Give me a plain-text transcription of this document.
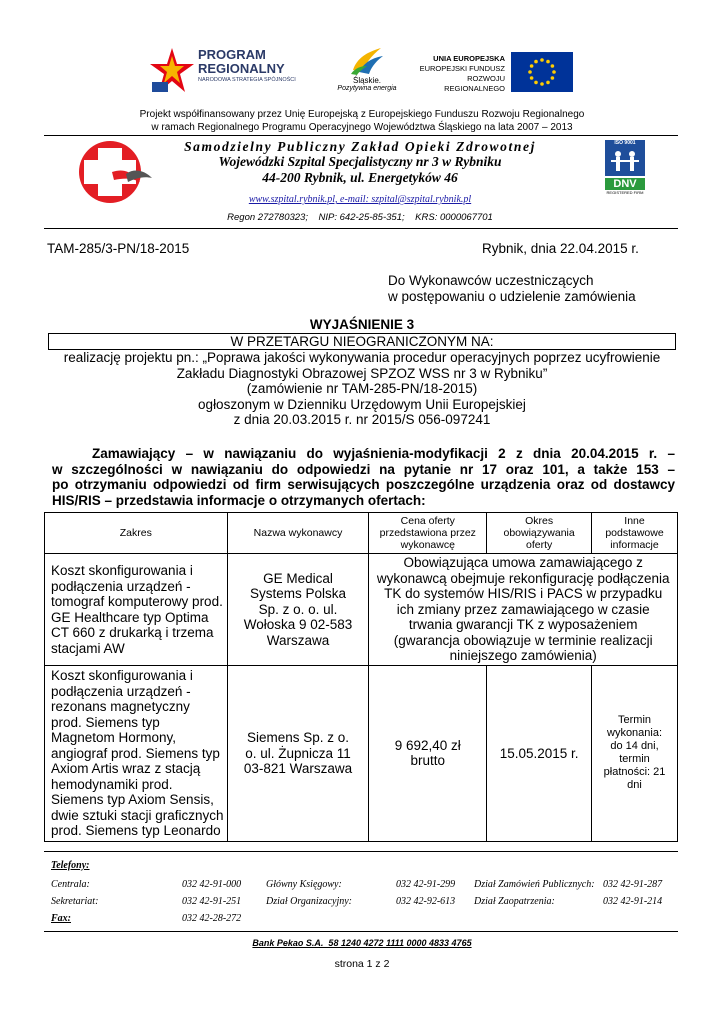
PROGRAM
REGIONALNY
NARODOWA STRATEGIA SPÓJNOŚCI	Śląskie.
Pozytywna energia
UNIA EUROPEJSKA
EUROPEJSKI FUNDUSZ
ROZWOJU REGIONALNEGO
Projekt współfinansowany przez Unię Europejską z Europejskiego Funduszu Rozwoju Regionalnego
w ramach Regionalnego Programu Operacyjnego Województwa Śląskiego na lata 2007 – 2013
Samodzielny Publiczny Zakład Opieki Zdrowotnej
Wojewódzki Szpital Specjalistyczny nr 3 w Rybniku
44-200 Rybnik, ul. Energetyków 46
www.szpital.rybnik.pl, e-mail: szpital@szpital.rybnik.pl
Regon 272780323;    NIP: 642-25-85-351;    KRS: 0000067701
ISO 9001
DNV
REGISTERED FIRM
TAM-285/3-PN/18-2015	Rybnik, dnia 22.04.2015 r.
Do Wykonawców uczestniczących
w postępowaniu o udzielenie zamówienia
WYJAŚNIENIE 3
W PRZETARGU NIEOGRANICZONYM NA:
realizację projektu pn.: „Poprawa jakości wykonywania procedur operacyjnych poprzez ucyfrowienie
Zakładu Diagnostyki Obrazowej SPZOZ WSS nr 3 w Rybniku”
(zamówienie nr TAM-285-PN/18-2015)
ogłoszonym w Dzienniku Urzędowym Unii Europejskiej
z dnia 20.03.2015 r. nr 2015/S 056-097241
Zamawiający – w nawiązaniu do wyjaśnienia-modyfikacji 2 z dnia 20.04.2015 r. –
w szczególności w nawiązaniu do odpowiedzi na pytanie nr 17 oraz 101, a także 153 –
po otrzymaniu odpowiedzi od firm serwisujących poszczególne urządzenia oraz od dostawcy
HIS/RIS – przedstawia informacje o otrzymanych ofertach:
Zakres	Nazwa wykonawcy	Cena oferty przedstawiona przez wykonawcę	Okres obowiązywania oferty	Inne podstawowe informacje
Koszt skonfigurowania i podłączenia urządzeń - tomograf komputerowy prod. GE Healthcare typ Optima CT 660 z drukarką i trzema stacjami AW	GE Medical Systems Polska Sp. z o. o. ul. Wołoska 9 02-583 Warszawa	Obowiązująca umowa zamawiającego z wykonawcą obejmuje rekonfigurację podłączenia TK do systemów HIS/RIS i PACS w przypadku ich zmiany przez zamawiającego w czasie trwania gwarancji TK z wyposażeniem (gwarancja obowiązuje w terminie realizacji niniejszego zamówienia)		
Koszt skonfigurowania i podłączenia urządzeń - rezonans magnetyczny prod. Siemens typ Magnetom Hormony, angiograf prod. Siemens typ Axiom Artis wraz z stacją hemodynamiki prod. Siemens typ Axiom Sensis, dwie sztuki stacji graficznych prod. Siemens typ Leonardo	Siemens Sp. z o. o. ul. Żupnicza 11 03-821 Warszawa	9 692,40 zł brutto	15.05.2015 r.	Termin wykonania: do 14 dni, termin płatności: 21 dni
Telefony:
Centrala:	032 42-91-000 Główny Księgowy:	032 42-91-299 Dział Zamówień Publicznych: 032 42-91-287
Sekretariat:	032 42-91-251 Dział Organizacyjny:	032 42-92-613 Dział Zaopatrzenia:	032 42-91-214
Fax:	032 42-28-272
Bank Pekao S.A.  58 1240 4272 1111 0000 4833 4765
strona 1 z 2
